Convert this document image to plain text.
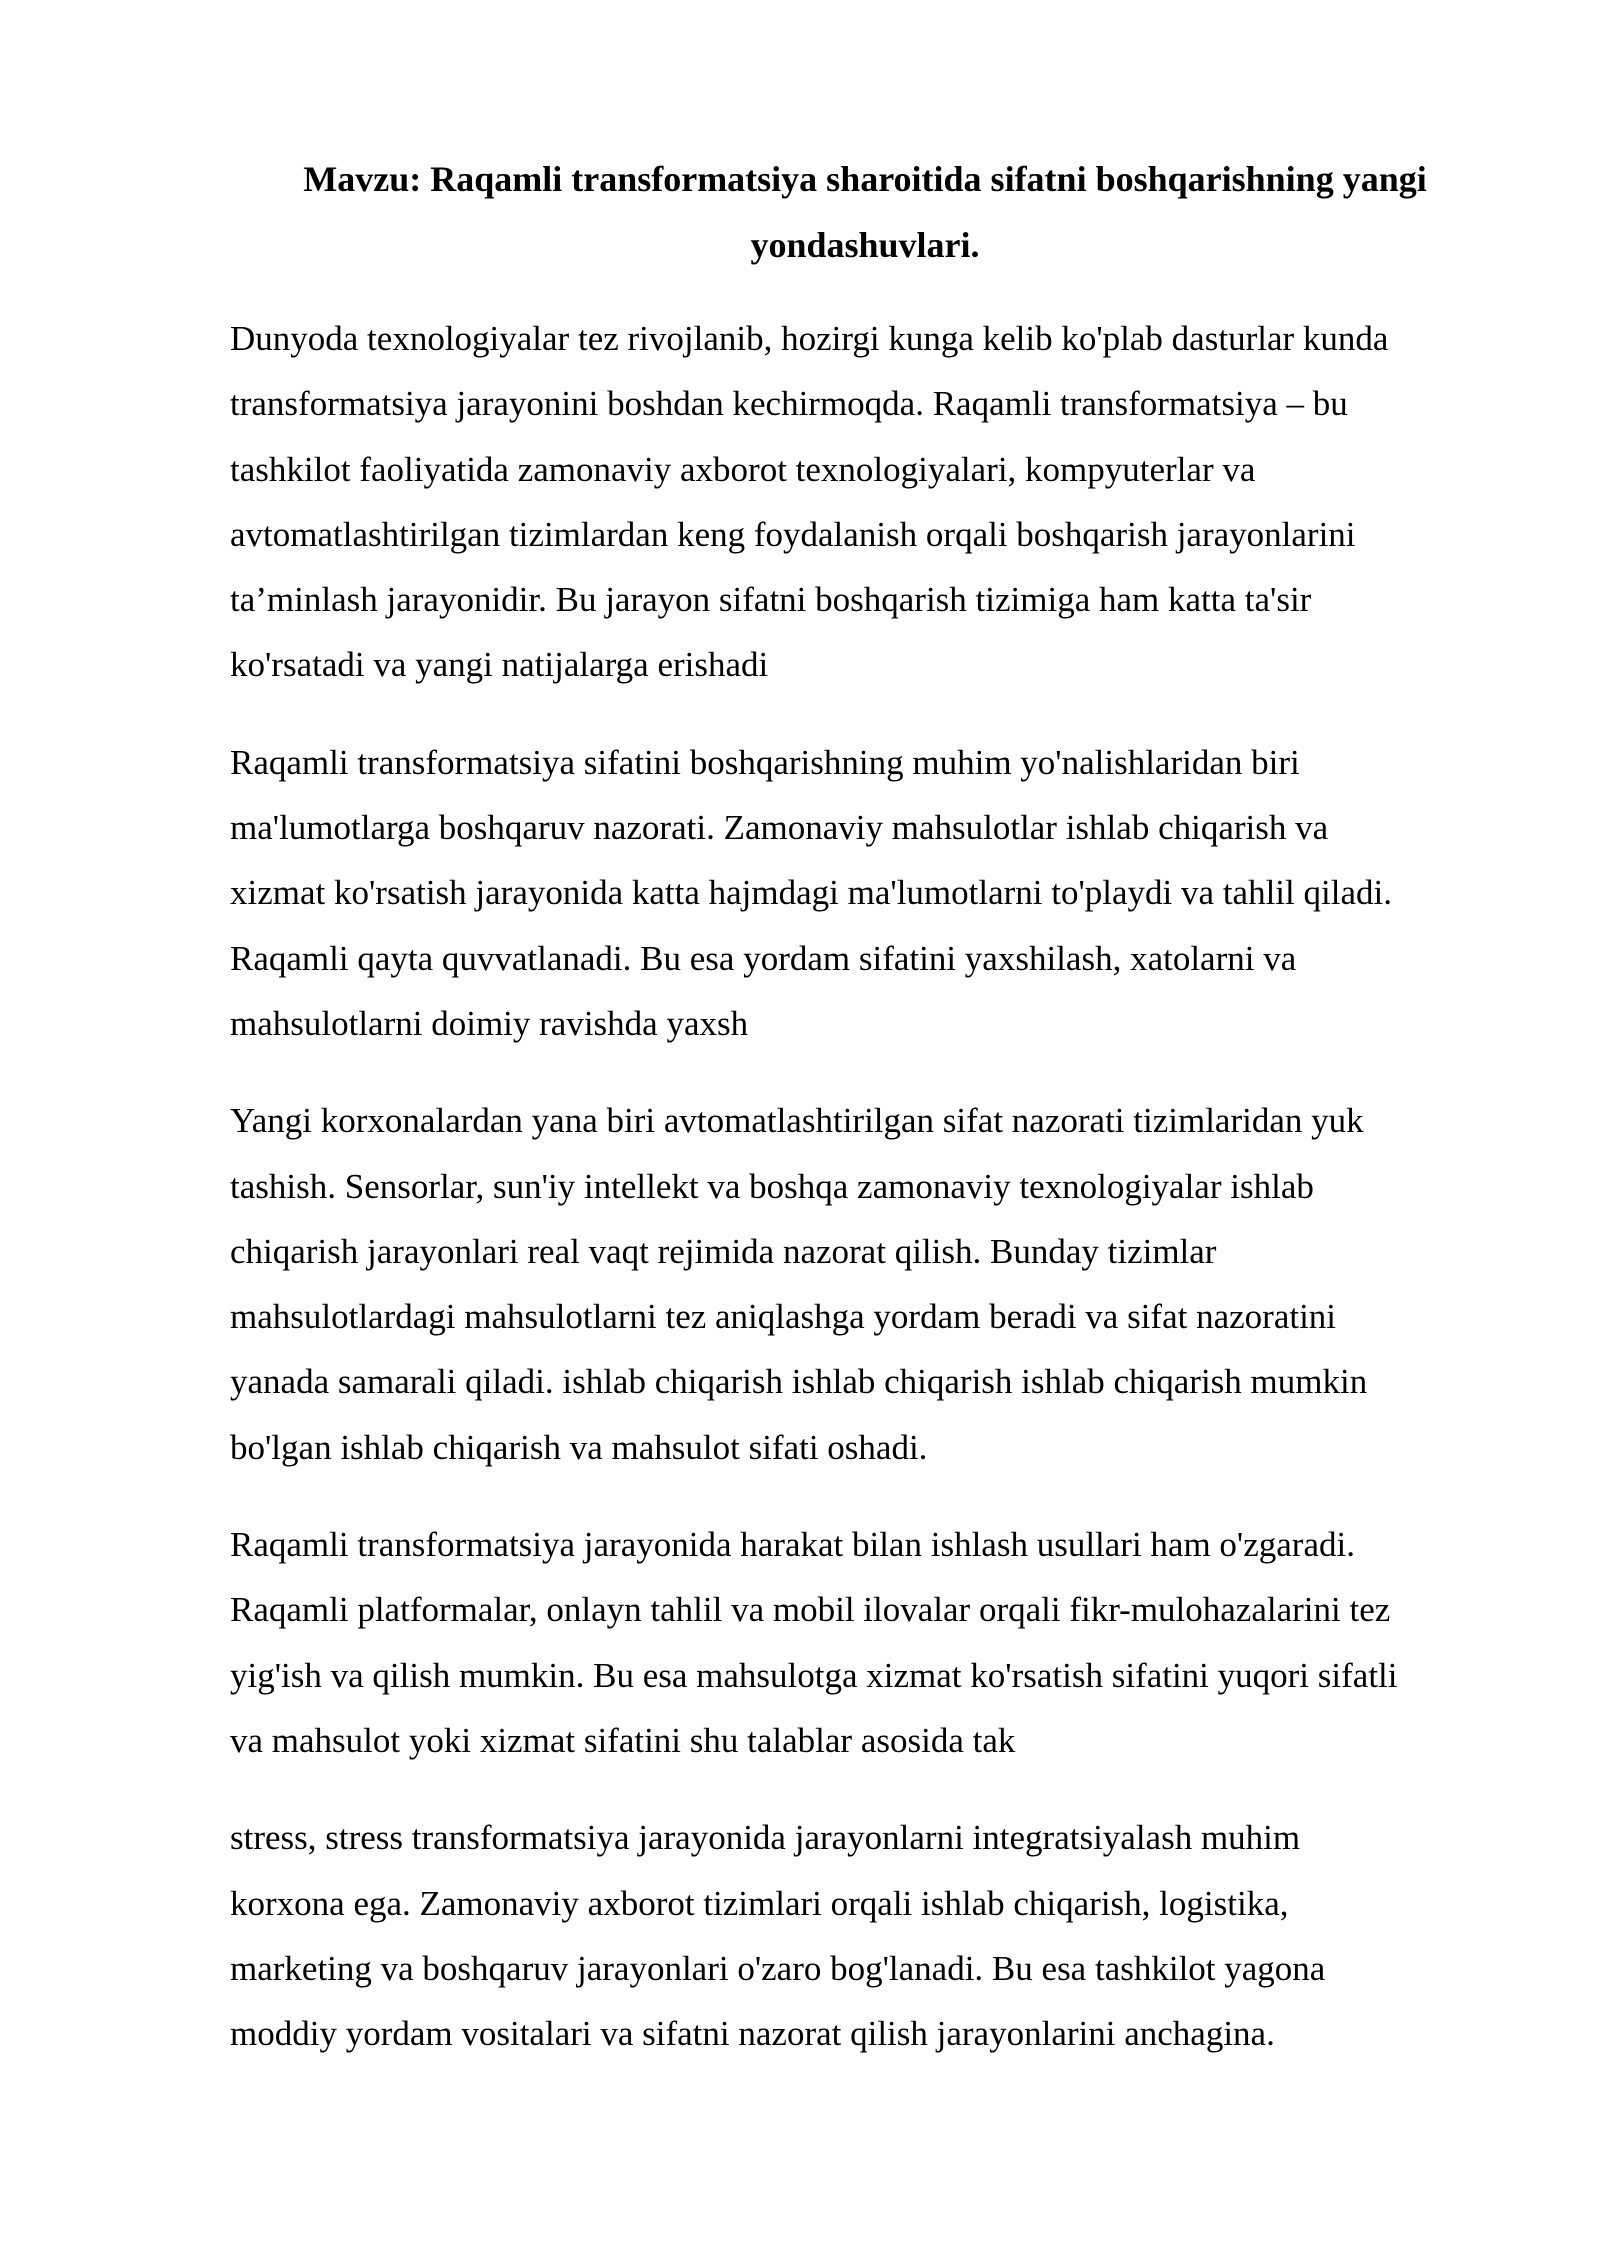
Mavzu: Raqamli transformatsiya sharoitida sifatni boshqarishning yangi
yondashuvlari.

Dunyoda texnologiyalar tez rivojlanib, hozirgi kunga kelib ko'plab dasturlar kunda
transformatsiya jarayonini boshdan kechirmoqda. Raqamli transformatsiya – bu
tashkilot faoliyatida zamonaviy axborot texnologiyalari, kompyuterlar va
avtomatlashtirilgan tizimlardan keng foydalanish orqali boshqarish jarayonlarini
ta’minlash jarayonidir. Bu jarayon sifatni boshqarish tizimiga ham katta ta'sir
ko'rsatadi va yangi natijalarga erishadi

Raqamli transformatsiya sifatini boshqarishning muhim yo'nalishlaridan biri
ma'lumotlarga boshqaruv nazorati. Zamonaviy mahsulotlar ishlab chiqarish va
xizmat ko'rsatish jarayonida katta hajmdagi ma'lumotlarni to'playdi va tahlil qiladi.
Raqamli qayta quvvatlanadi. Bu esa yordam sifatini yaxshilash, xatolarni va
mahsulotlarni doimiy ravishda yaxsh

Yangi korxonalardan yana biri avtomatlashtirilgan sifat nazorati tizimlaridan yuk
tashish. Sensorlar, sun'iy intellekt va boshqa zamonaviy texnologiyalar ishlab
chiqarish jarayonlari real vaqt rejimida nazorat qilish. Bunday tizimlar
mahsulotlardagi mahsulotlarni tez aniqlashga yordam beradi va sifat nazoratini
yanada samarali qiladi. ishlab chiqarish ishlab chiqarish ishlab chiqarish mumkin
bo'lgan ishlab chiqarish va mahsulot sifati oshadi.

Raqamli transformatsiya jarayonida harakat bilan ishlash usullari ham o'zgaradi.
Raqamli platformalar, onlayn tahlil va mobil ilovalar orqali fikr-mulohazalarini tez
yig'ish va qilish mumkin. Bu esa mahsulotga xizmat ko'rsatish sifatini yuqori sifatli
va mahsulot yoki xizmat sifatini shu talablar asosida tak

stress, stress transformatsiya jarayonida jarayonlarni integratsiyalash muhim
korxona ega. Zamonaviy axborot tizimlari orqali ishlab chiqarish, logistika,
marketing va boshqaruv jarayonlari o'zaro bog'lanadi. Bu esa tashkilot yagona
moddiy yordam vositalari va sifatni nazorat qilish jarayonlarini anchagina.
